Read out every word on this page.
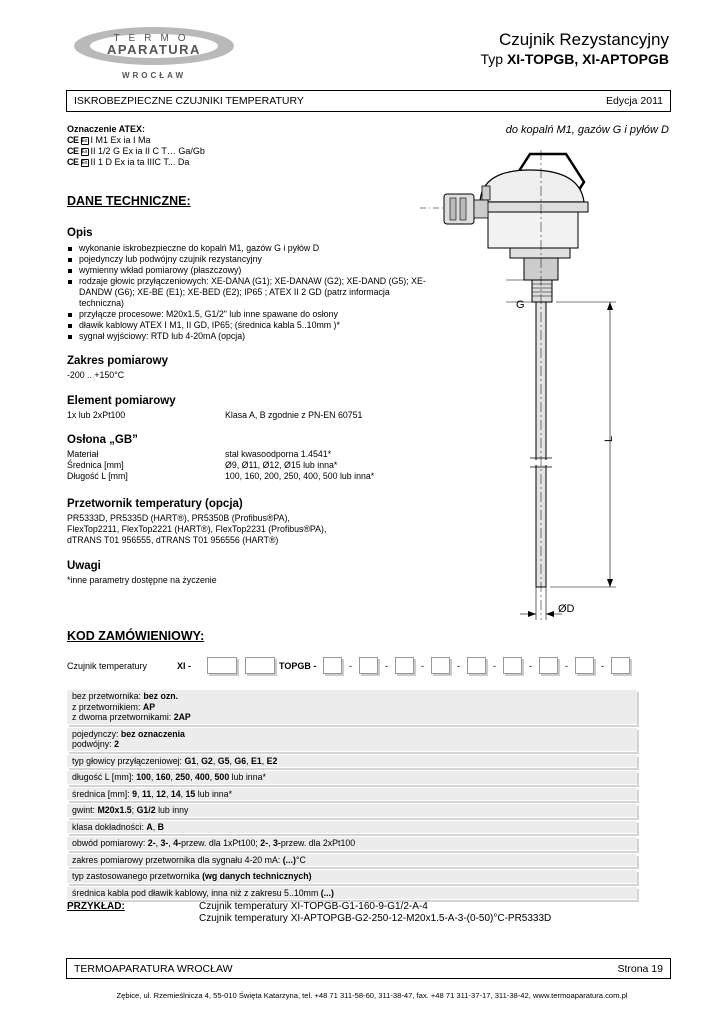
TERMO
APARATURA
WROCŁAW
Czujnik Rezystancyjny
Typ XI-TOPGB, XI-APTOPGB
ISKROBEZPIECZNE CZUJNIKI TEMPERATURY	Edycja 2011
Oznaczenie ATEX:
CE Ex I M1 Ex ia I Ma
CE Ex II 1/2 G Ex ia II C T… Ga/Gb
CE Ex II 1 D Ex ia ta IIIC T... Da
do kopalń M1, gazów G i pyłów D
DANE TECHNICZNE:
Opis
wykonanie iskrobezpieczne do kopalń M1, gazów G i pyłów D
pojedynczy lub podwójny czujnik rezystancyjny
wymienny wkład pomiarowy (płaszczowy)
rodzaje głowic przyłączeniowych: XE-DANA (G1); XE-DANAW (G2); XE-DAND (G5); XE-DANDW (G6); XE-BE (E1); XE-BED (E2); IP65 ; ATEX II 2 GD (patrz informacja techniczna)
przyłącze procesowe: M20x1.5, G1/2" lub inne spawane do osłony
dławik kablowy ATEX I M1, II GD, IP65; (średnica kabla 5..10mm )*
sygnał wyjściowy: RTD lub 4-20mA (opcja)
Zakres pomiarowy
-200 .. +150°C
Element pomiarowy
1x lub 2xPt100	Klasa A, B zgodnie z PN-EN 60751
Osłona „GB”
Materiał	stal kwasoodporna 1.4541*
Średnica [mm]	Ø9, Ø11, Ø12, Ø15 lub inna*
Długość L [mm]	100, 160, 200, 250, 400, 500 lub inna*
Przetwornik temperatury (opcja)
PR5333D, PR5335D (HART®), PR5350B (Profibus®PA),
FlexTop2211, FlexTop2221 (HART®), FlexTop2231 (Profibus®PA),
dTRANS T01 956555, dTRANS T01 956556 (HART®)
Uwagi
*inne parametry dostępne na życzenie
G
L
ØD
KOD ZAMÓWIENIOWY:
Czujnik temperatury	XI -	TOPGB -	-	-	-	-	-	-	-	-
bez przetwornika: bez ozn.
z przetwornikiem: AP
z dwoma przetwornikami: 2AP
pojedynczy: bez oznaczenia
podwójny: 2
typ głowicy przyłączeniowej: G1, G2, G5, G6, E1, E2
długość L [mm]: 100, 160, 250, 400, 500 lub inna*
średnica [mm]: 9, 11, 12, 14, 15 lub inna*
gwint: M20x1.5; G1/2 lub inny
klasa dokładności: A, B
obwód pomiarowy: 2-, 3-, 4-przew. dla 1xPt100; 2-, 3-przew. dla 2xPt100
zakres pomiarowy przetwornika dla sygnału 4-20 mA: (...)°C
typ zastosowanego przetwornika (wg danych technicznych)
średnica kabla pod dławik kablowy, inna niż z zakresu 5..10mm (...)
PRZYKŁAD:	Czujnik temperatury XI-TOPGB-G1-160-9-G1/2-A-4
Czujnik temperatury XI-APTOPGB-G2-250-12-M20x1.5-A-3-(0-50)°C-PR5333D
TERMOAPARATURA WROCŁAW	Strona 19
Zębice, ul. Rzemieślnicza 4, 55-010 Święta Katarzyna, tel. +48 71 311-58-60, 311-38-47, fax. +48 71 311-37-17, 311-38-42, www.termoaparatura.com.pl
